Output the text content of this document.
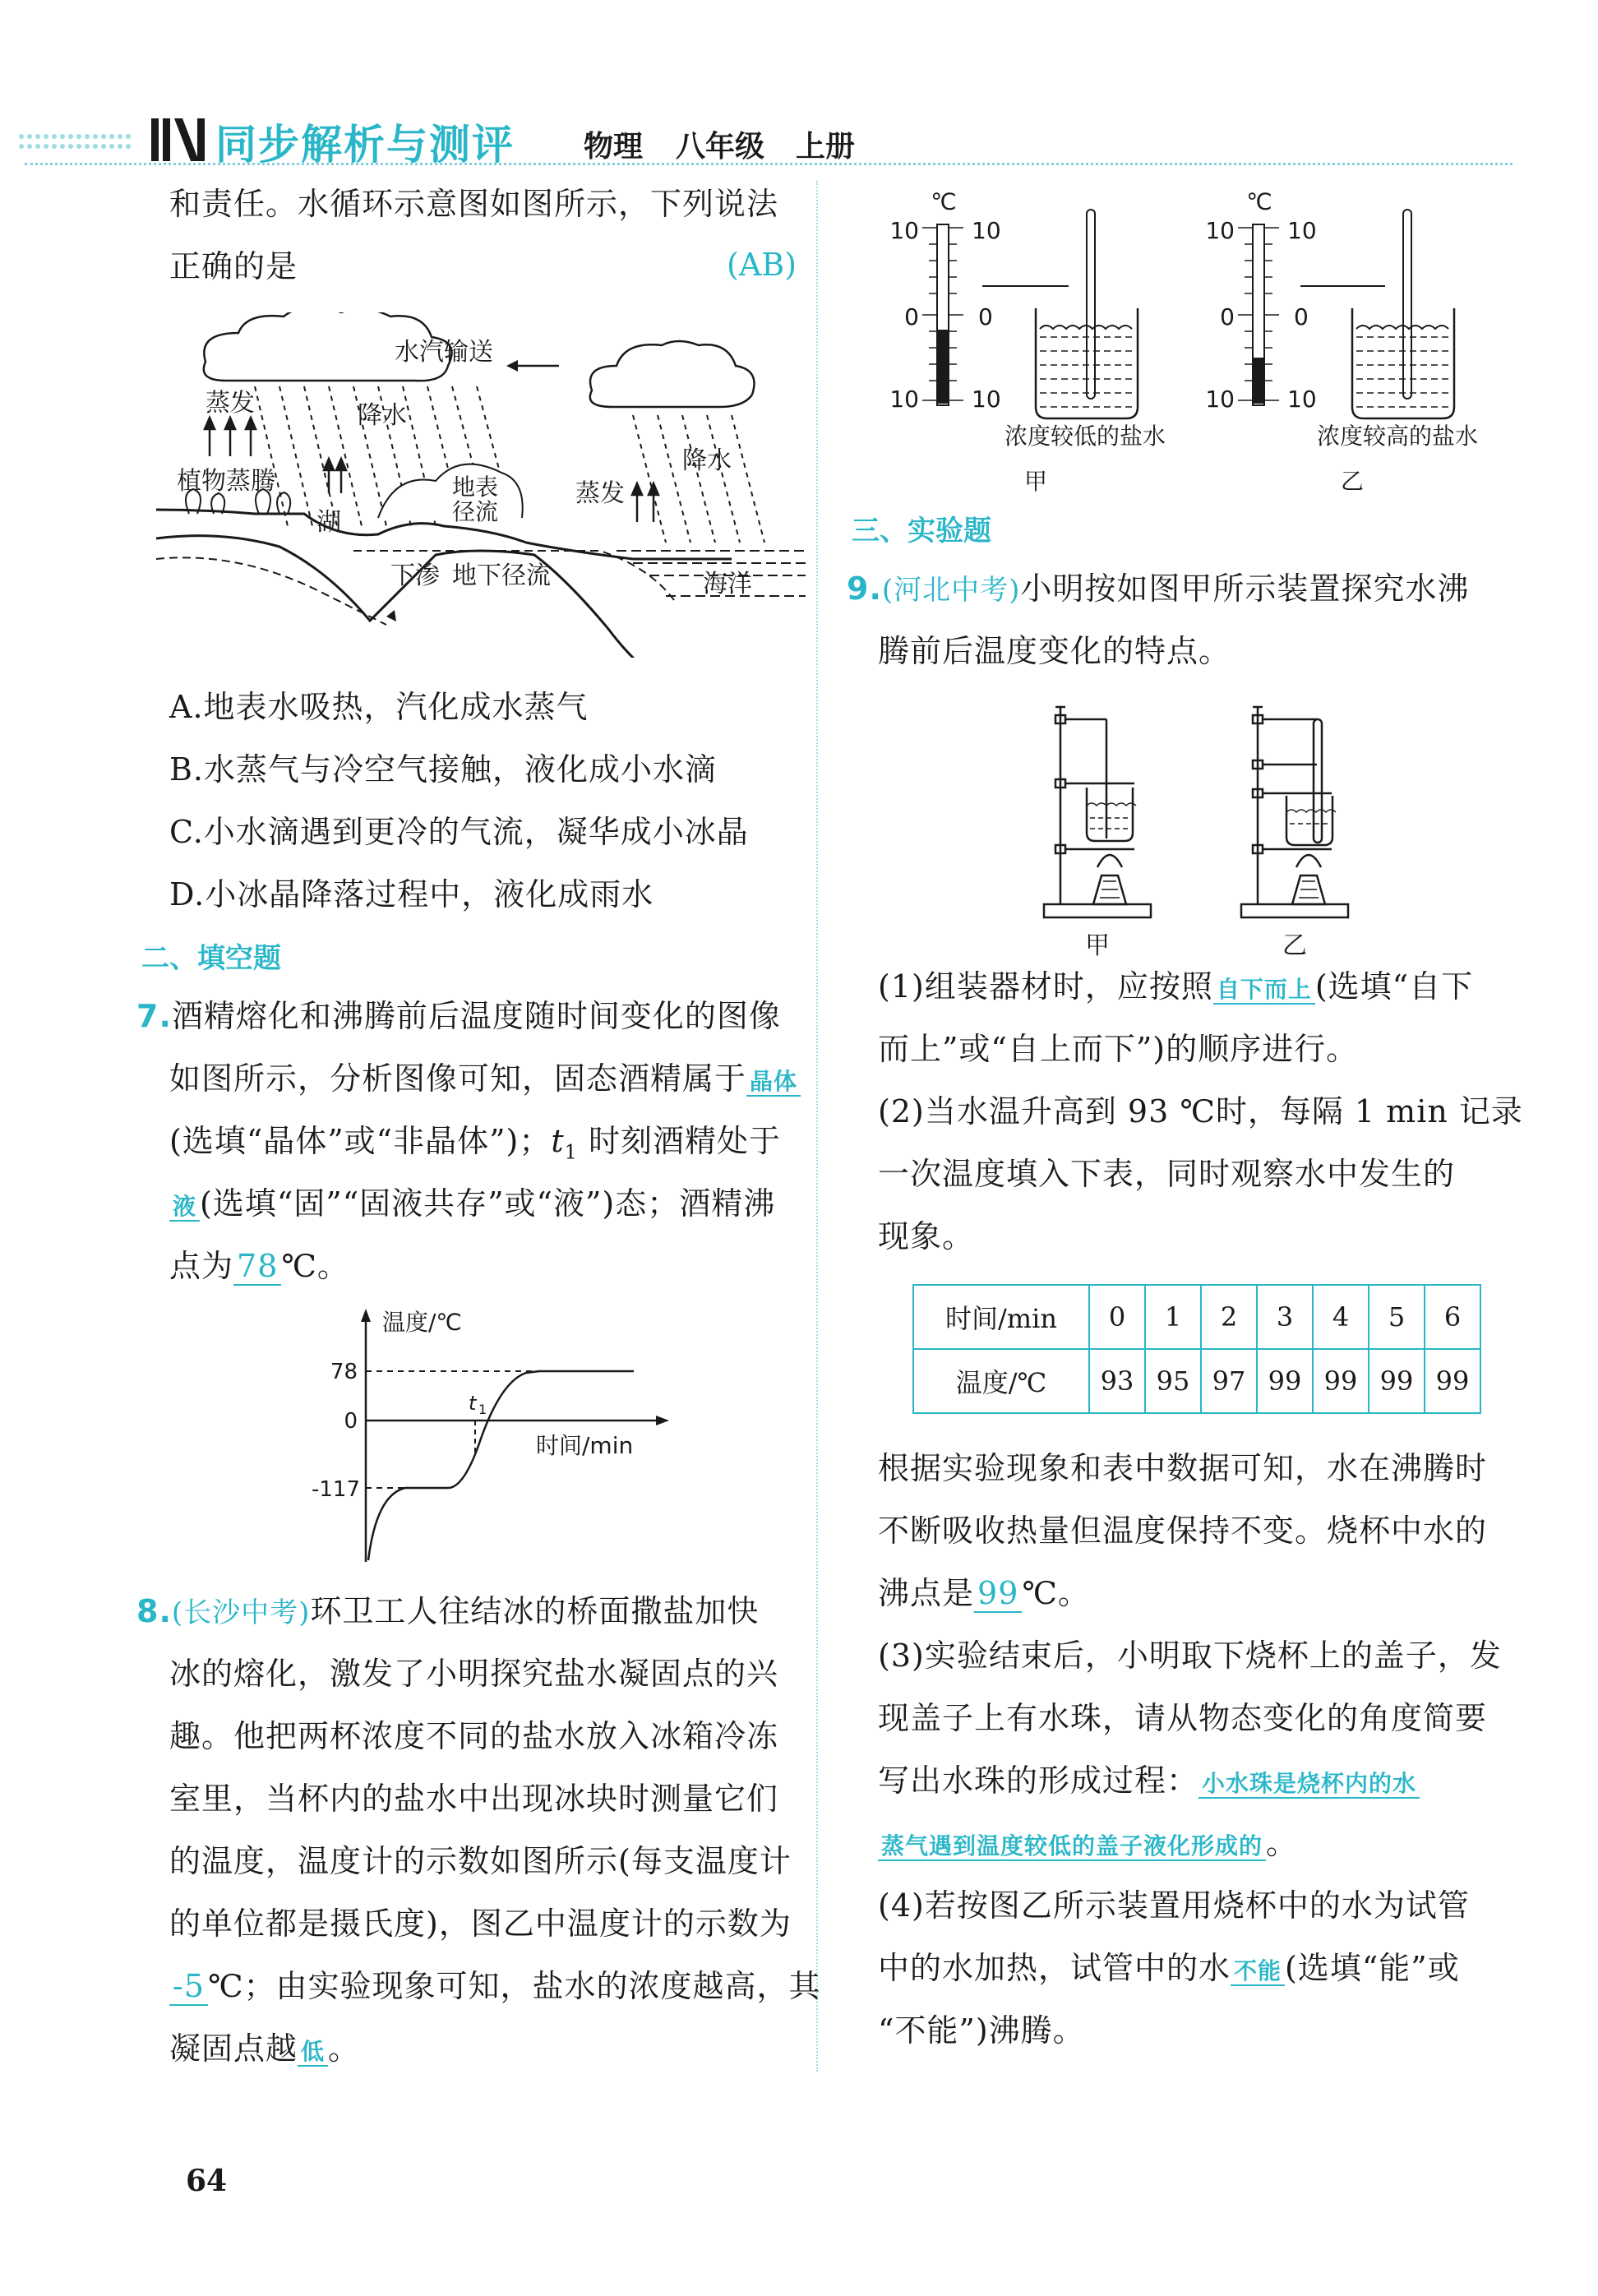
同步解析与测评 物理 八年级 上册

和责任。水循环示意图如图所示，下列说法

正确的是	(AB)
水汽输送
蒸发	降水
植物蒸腾
湖
地表
径流
蒸发
降水
下渗 地下径流	海洋

A.地表水吸热，汽化成水蒸气

B.水蒸气与冷空气接触，液化成小水滴

C.小水滴遇到更冷的气流，凝华成小冰晶

D.小冰晶降落过程中，液化成雨水

二、填空题

7.酒精熔化和沸腾前后温度随时间变化的图像

如图所示，分析图像可知，固态酒精属于 晶体

(选填“晶体”或“非晶体”)；$t_1$ 时刻酒精处于

液 (选填“固”“固液共存”或“液”)态；酒精沸

点为 78 ℃。

温度/℃
时间/min
78
0
-117
t 1

8.(长沙中考)环卫工人往结冰的桥面撒盐加快

冰的熔化，激发了小明探究盐水凝固点的兴

趣。他把两杯浓度不同的盐水放入冰箱冷冻

室里，当杯内的盐水中出现冰块时测量它们

的温度，温度计的示数如图所示(每支温度计

的单位都是摄氏度)，图乙中温度计的示数为

-5 ℃；由实验现象可知，盐水的浓度越高，其

凝固点越 低 。

64
℃
10
0
10
10
0
10
浓度较低的盐水
甲
℃
10
0
10
10
0
10
浓度较高的盐水
乙
三、实验题

9.(河北中考)小明按如图甲所示装置探究水沸

腾前后温度变化的特点。

甲	乙

(1)组装器材时，应按照 自下而上 (选填“自下

而上”或“自上而下”)的顺序进行。

(2)当水温升高到 93 ℃时，每隔 1 min 记录

一次温度填入下表，同时观察水中发生的

现象。

时间/min	0	1	2	3	4	5	6
温度/℃	93	95	97	99	99	99	99

根据实验现象和表中数据可知，水在沸腾时

不断吸收热量但温度保持不变。烧杯中水的

沸点是 99 ℃。

(3)实验结束后，小明取下烧杯上的盖子，发

现盖子上有水珠，请从物态变化的角度简要

写出水珠的形成过程： 小水珠是烧杯内的水

蒸气遇到温度较低的盖子液化形成的 。

(4)若按图乙所示装置用烧杯中的水为试管

中的水加热，试管中的水 不能 (选填“能”或

“不能”)沸腾。
